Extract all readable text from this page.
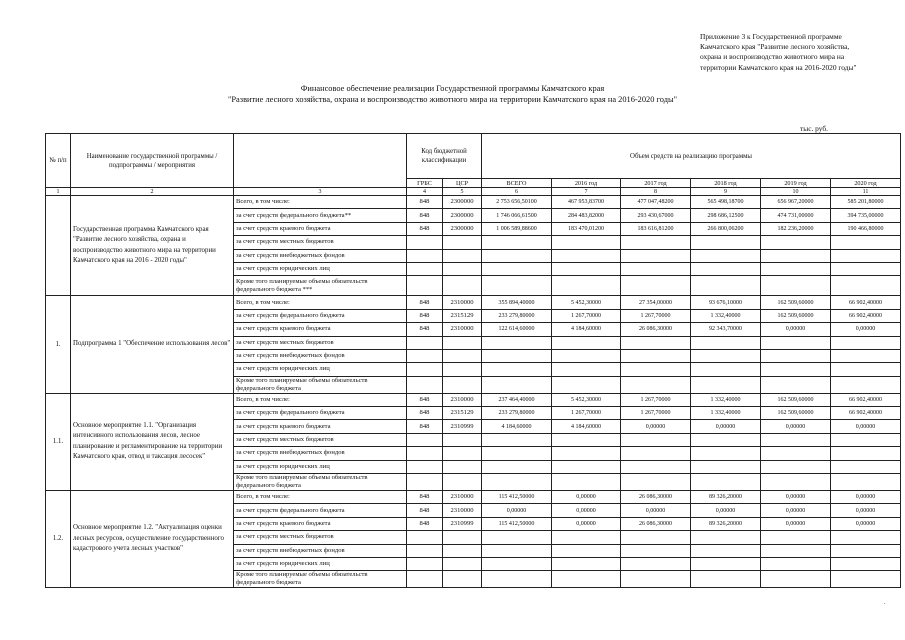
Приложение 3 к Государственной программе
Камчатского края "Развитие лесного хозяйства,
охрана и воспроизводство животного мира на
территории Камчатского края на 2016-2020 годы"
Финансовое обеспечение реализации Государственной программы Камчатского края
"Развитие лесного хозяйства, охрана и воспроизводство животного мира на территории Камчатского края на 2016-2020 годы"
тыс. руб.
№ п/п	Наименование государственной программы / подпрограммы / мероприятия		Код бюджетной классификации		Объем средств на реализацию программы					
			ГРБС	ЦСР	ВСЕГО	2016 год	2017 год	2018 год	2019 год	2020 год
1	2	3	4	5	6	7	8	9	10	11
	Государственная программа Камчатского края "Развитие лесного хозяйства, охрана и воспроизводство животного мира на территории Камчатского края на 2016 - 2020 годы"	Всего, в том числе:	848	2300000	2 753 656,50100	467 953,83700	477 047,48200	565 498,18700	656 967,20000	585 201,80000
		за счет средств федерального бюджета**	848	2300000	1 746 066,61500	284 483,82000	293 430,67000	298 686,12500	474 731,00000	394 735,00000
		за счет средств краевого бюджета	848	2300000	1 006 589,88600	183 470,01200	183 616,81200	266 800,06200	182 236,20000	190 466,80000
		за счет средств местных бюджетов								
		за счет средств внебюджетных фондов								
		за счет средств юридических лиц								
		Кроме того планируемые объемы обязательств федерального бюджета ***								
1.	Подпрограмма 1 "Обеспечение использования лесов"	Всего, в том числе:	848	2310000	355 894,40000	5 452,30000	27 354,00000	93 676,10000	162 509,60000	66 902,40000
		за счет средств федерального бюджета	848	2315129	233 279,80000	1 267,70000	1 267,70000	1 332,40000	162 509,60000	66 902,40000
		за счет средств краевого бюджета	848	2310000	122 614,60000	4 184,60000	26 086,30000	92 343,70000	0,00000	0,00000
		за счет средств местных бюджетов								
		за счет средств внебюджетных фондов								
		за счет средств юридических лиц								
		Кроме того планируемые объемы обязательств федерального бюджета								
1.1.	Основное мероприятие 1.1. "Организация интенсивного использования лесов, лесное планирование и регламентирование на территории Камчатского края, отвод и таксация лесосек"	Всего, в том числе:	848	2310000	237 464,40000	5 452,30000	1 267,70000	1 332,40000	162 509,60000	66 902,40000
		за счет средств федерального бюджета	848	2315129	233 279,80000	1 267,70000	1 267,70000	1 332,40000	162 509,60000	66 902,40000
		за счет средств краевого бюджета	848	2310999	4 184,60000	4 184,60000	0,00000	0,00000	0,00000	0,00000
		за счет средств местных бюджетов								
		за счет средств внебюджетных фондов								
		за счет средств юридических лиц								
		Кроме того планируемые объемы обязательств федерального бюджета								
1.2.	Основное мероприятие 1.2. "Актуализация оценки лесных ресурсов, осуществление государственного кадастрового учета лесных участков"	Всего, в том числе:	848	2310000	115 412,50000	0,00000	26 086,30000	89 326,20000	0,00000	0,00000
		за счет средств федерального бюджета	848	2310000	0,00000	0,00000	0,00000	0,00000	0,00000	0,00000
		за счет средств краевого бюджета	848	2310999	115 412,50000	0,00000	26 086,30000	89 326,20000	0,00000	0,00000
		за счет средств местных бюджетов								
		за счет средств внебюджетных фондов								
		за счет средств юридических лиц								
		Кроме того планируемые объемы обязательств федерального бюджета								
.
